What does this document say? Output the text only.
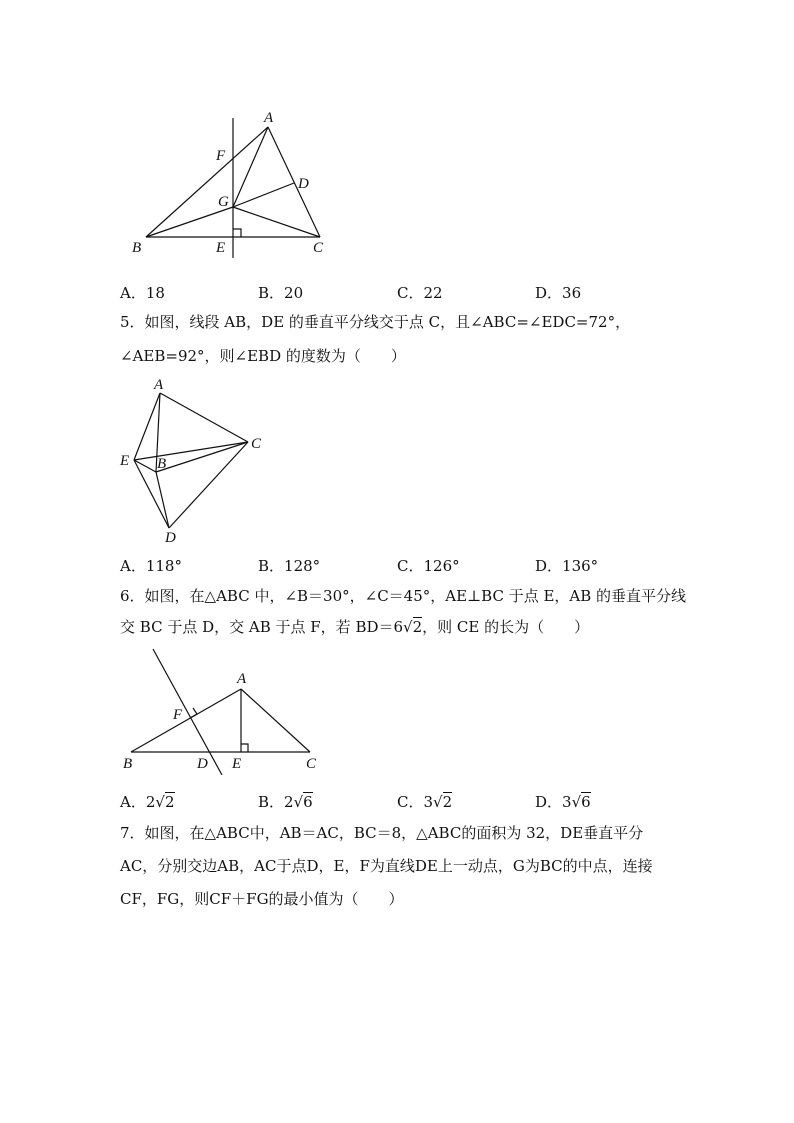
A
F
D
G
B	E	C
A．18	B．20	C．22	D．36
5．如图，线段 AB，DE 的垂直平分线交于点 C，且∠ABC=∠EDC=72°，
∠AEB=92°，则∠EBD 的度数为（　　）
A
C
E B
D
A．118°	B．128°	C．126°	D．136°
6．如图，在△ABC 中，∠B＝30°，∠C＝45°，AE⊥BC 于点 E，AB 的垂直平分线
交 BC 于点 D，交 AB 于点 F，若 BD＝6√2，则 CE 的长为（　　）
A
F
B	D E	C
A．2√2	B．2√6	C．3√2	D．3√6
7．如图，在△ABC中，AB＝AC，BC＝8，△ABC的面积为 32，DE垂直平分
AC，分别交边AB，AC于点D，E，F为直线DE上一动点，G为BC的中点，连接
CF，FG，则CF＋FG的最小值为（　　）
